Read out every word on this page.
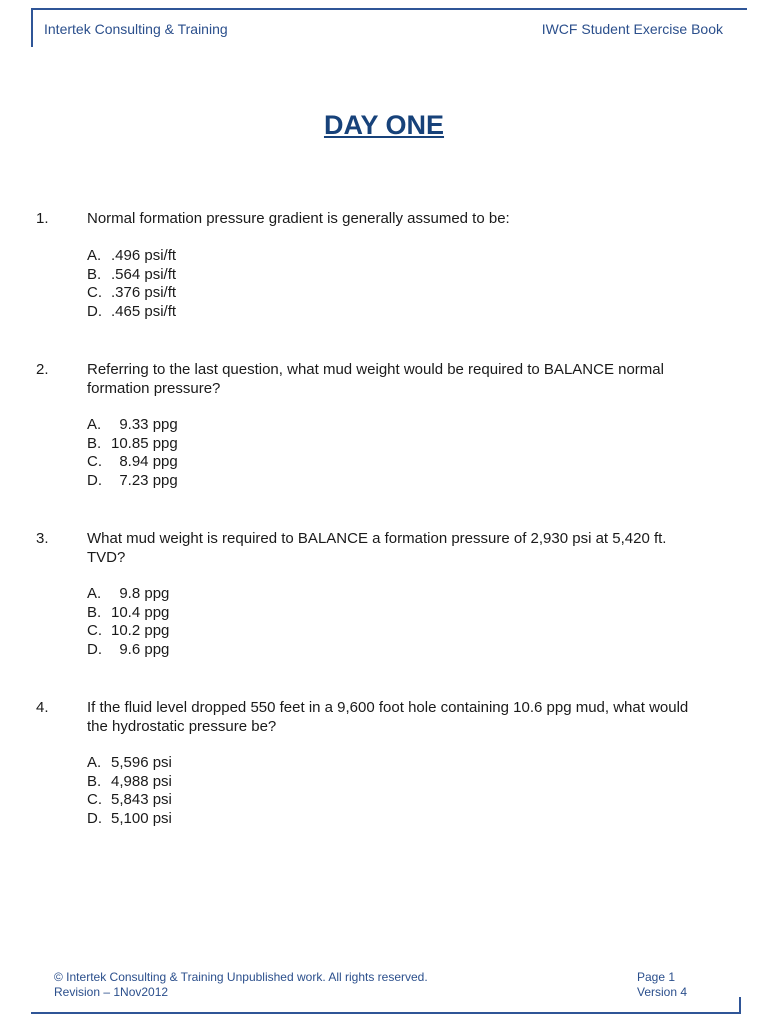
Intertek Consulting & Training	IWCF Student Exercise Book
DAY ONE
1.	Normal formation pressure gradient is generally assumed to be:
A. .496 psi/ft
B. .564 psi/ft
C. .376 psi/ft
D. .465 psi/ft
2.	Referring to the last question, what mud weight would be required to BALANCE normal formation pressure?
A.  9.33 ppg
B. 10.85 ppg
C.  8.94 ppg
D.  7.23 ppg
3.	What mud weight is required to BALANCE a formation pressure of 2,930 psi at 5,420 ft. TVD?
A.  9.8 ppg
B. 10.4 ppg
C. 10.2 ppg
D.  9.6 ppg
4.	If the fluid level dropped 550 feet in a 9,600 foot hole containing 10.6 ppg mud, what would the hydrostatic pressure be?
A. 5,596 psi
B. 4,988 psi
C. 5,843 psi
D. 5,100 psi
© Intertek Consulting & Training Unpublished work. All rights reserved.
Revision – 1Nov2012
Page 1
Version 4
